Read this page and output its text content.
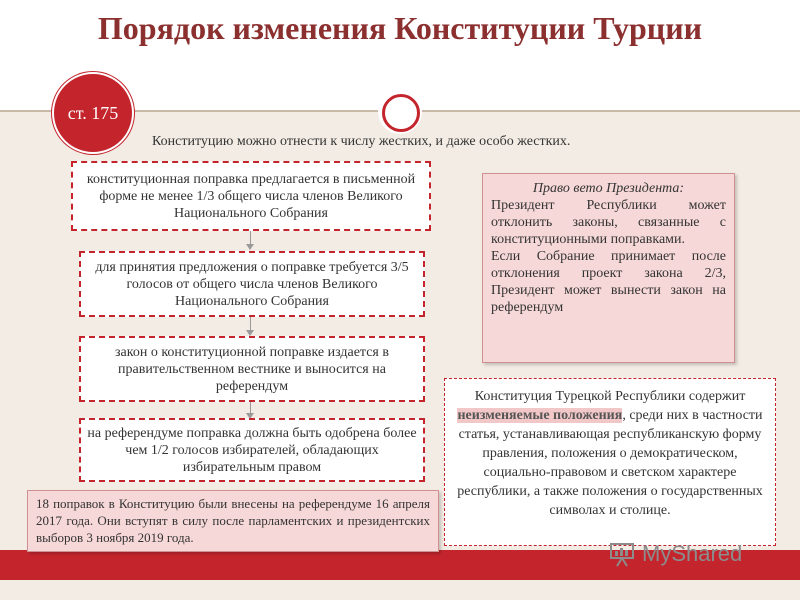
Порядок изменения Конституции Турции
ст. 175
Конституцию можно отнести к числу жестких, и даже особо жестких.
конституционная поправка предлагается в письменной форме не менее 1/3 общего числа членов Великого Национального Собрания
для принятия предложения о поправке требуется 3/5 голосов от общего числа членов Великого Национального Собрания
закон о конституционной поправке издается в правительственном вестнике и выносится на референдум
на референдуме поправка должна быть одобрена более чем 1/2 голосов избирателей, обладающих избирательным правом
18 поправок в Конституцию были внесены на референдуме 16 апреля 2017 года. Они вступят в силу после парламентских и президентских выборов 3 ноября 2019 года.
Право вето Президента:

Президент Республики может отклонить законы, связанные с конституционными поправками.

Если Собрание принимает после отклонения проект закона 2/3, Президент может вынести закон на референдум

Конституция Турецкой Республики содержит неизменяемые положения, среди них в частности статья, устанавливающая республиканскую форму правления, положения о демократическом, социально-правовом и светском характере республики, а также положения о государственных символах и столице.
MyShared
